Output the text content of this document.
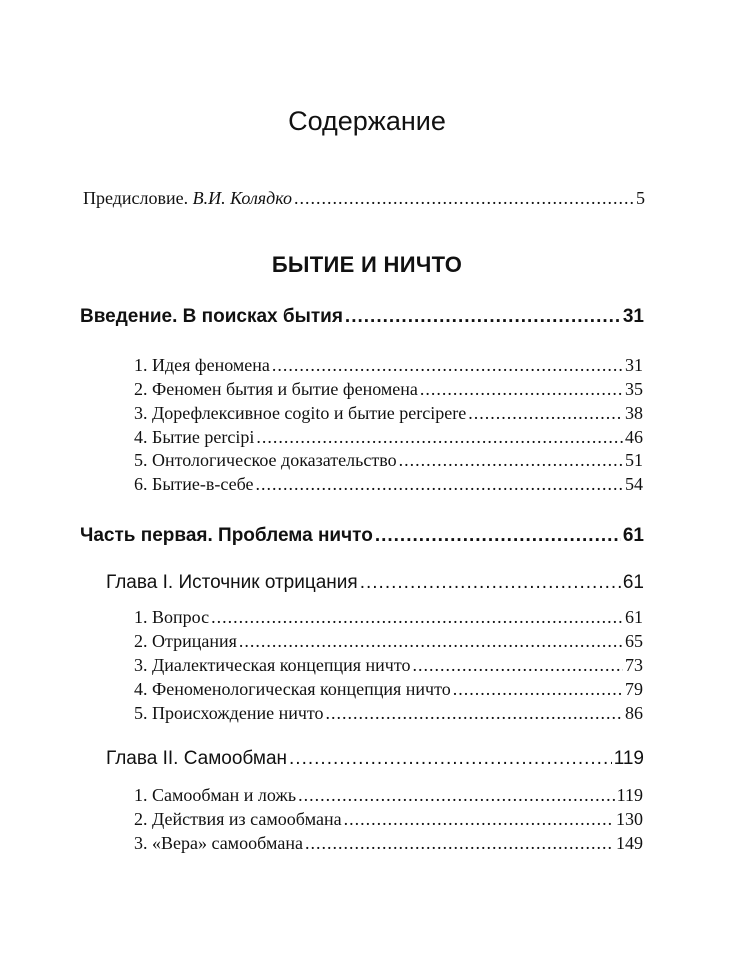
Содержание
Предисловие. В.И. Колядко .....	5
БЫТИЕ И НИЧТО
Введение. В поисках бытия .....	31
1. Идея феномена .....	31
2. Феномен бытия и бытие феномена .....	35
3. Дорефлексивное cogito и бытие percipere .....	38
4. Бытие percipi .....	46
5. Онтологическое доказательство .....	51
6. Бытие-в-себе .....	54
Часть первая. Проблема ничто .....	61
Глава I. Источник отрицания .....	61
1. Вопрос .....	61
2. Отрицания .....	65
3. Диалектическая концепция ничто .....	73
4. Феноменологическая концепция ничто .....	79
5. Происхождение ничто .....	86
Глава II. Самообман .....	119
1. Самообман и ложь .....	119
2. Действия из самообмана .....	130
3. «Вера» самообмана .....	149
